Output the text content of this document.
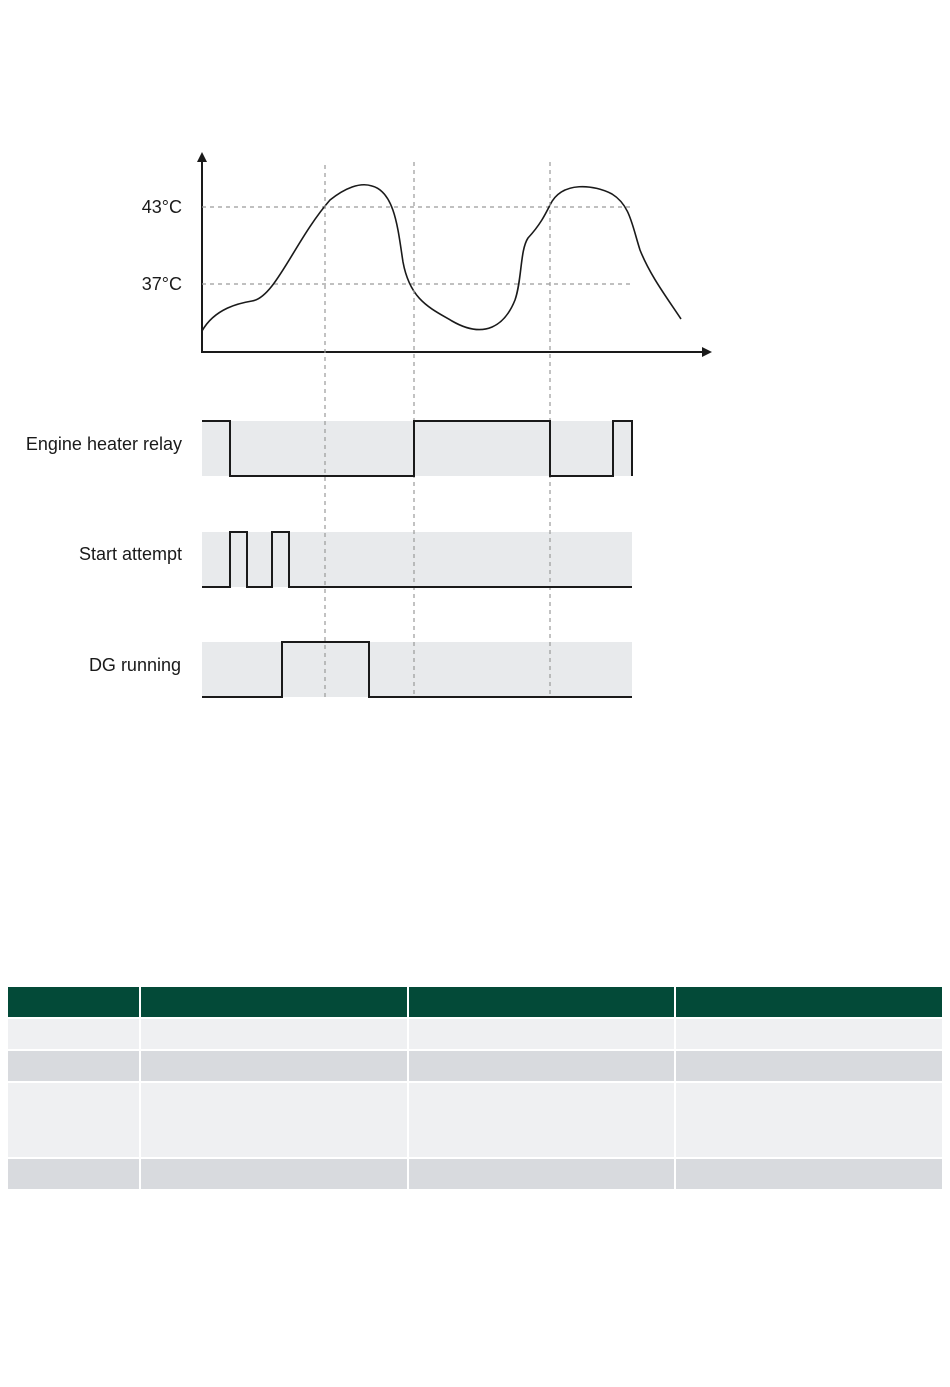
43°C
37°C
Engine heater relay
Start attempt
DG running
